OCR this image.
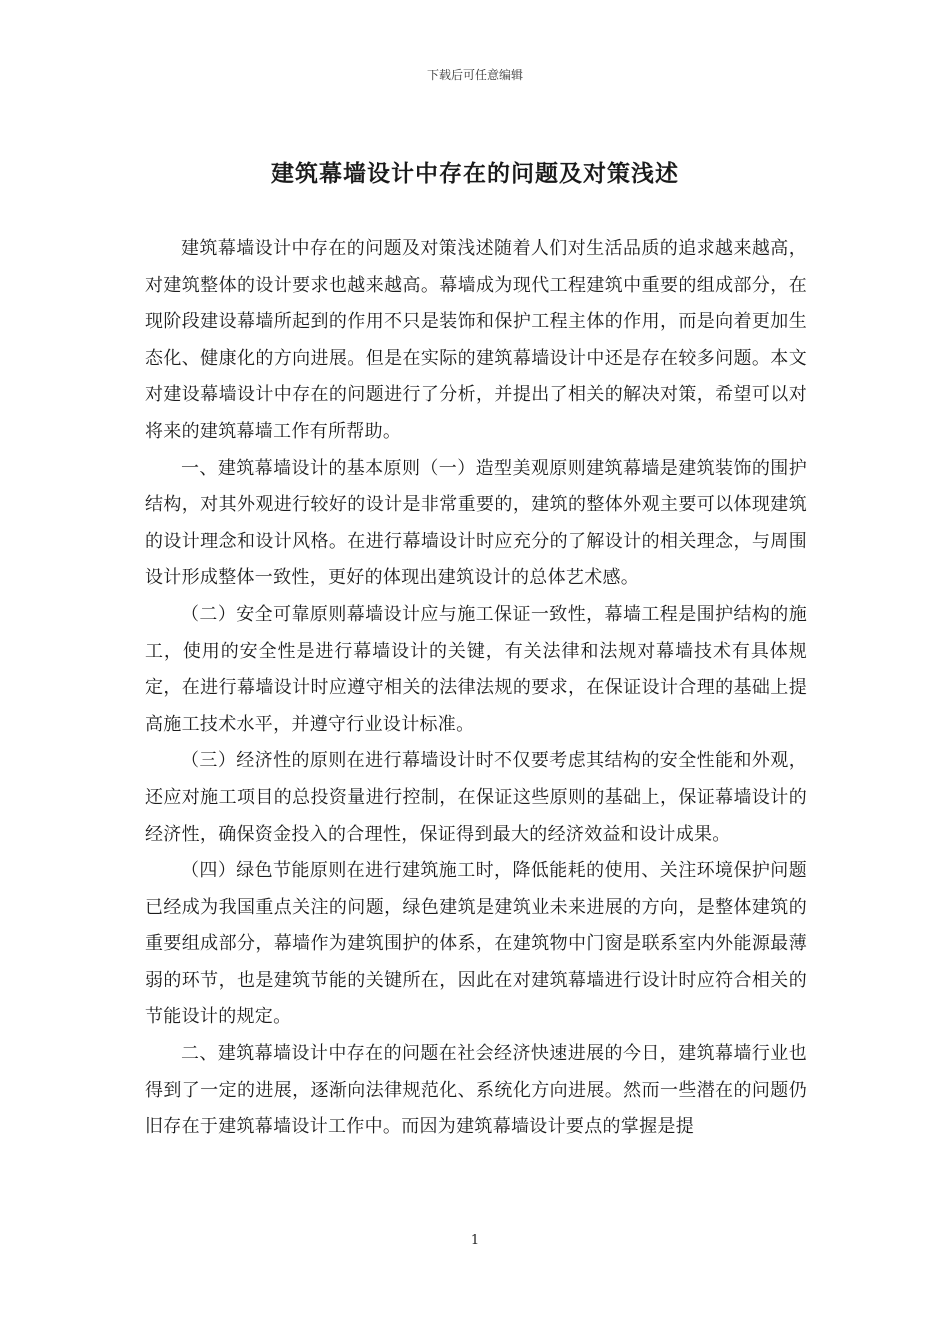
下载后可任意编辑
建筑幕墙设计中存在的问题及对策浅述

建筑幕墙设计中存在的问题及对策浅述随着人们对生活品质的追求越来越高，对建筑整体的设计要求也越来越高。幕墙成为现代工程建筑中重要的组成部分，在现阶段建设幕墙所起到的作用不只是装饰和保护工程主体的作用，而是向着更加生态化、健康化的方向进展。但是在实际的建筑幕墙设计中还是存在较多问题。本文对建设幕墙设计中存在的问题进行了分析，并提出了相关的解决对策，希望可以对将来的建筑幕墙工作有所帮助。

一、建筑幕墙设计的基本原则（一）造型美观原则建筑幕墙是建筑装饰的围护结构，对其外观进行较好的设计是非常重要的，建筑的整体外观主要可以体现建筑的设计理念和设计风格。在进行幕墙设计时应充分的了解设计的相关理念，与周围设计形成整体一致性，更好的体现出建筑设计的总体艺术感。

（二）安全可靠原则幕墙设计应与施工保证一致性，幕墙工程是围护结构的施工，使用的安全性是进行幕墙设计的关键，有关法律和法规对幕墙技术有具体规定，在进行幕墙设计时应遵守相关的法律法规的要求，在保证设计合理的基础上提高施工技术水平，并遵守行业设计标准。

（三）经济性的原则在进行幕墙设计时不仅要考虑其结构的安全性能和外观，还应对施工项目的总投资量进行控制，在保证这些原则的基础上，保证幕墙设计的经济性，确保资金投入的合理性，保证得到最大的经济效益和设计成果。

（四）绿色节能原则在进行建筑施工时，降低能耗的使用、关注环境保护问题已经成为我国重点关注的问题，绿色建筑是建筑业未来进展的方向，是整体建筑的重要组成部分，幕墙作为建筑围护的体系，在建筑物中门窗是联系室内外能源最薄弱的环节，也是建筑节能的关键所在，因此在对建筑幕墙进行设计时应符合相关的节能设计的规定。

二、建筑幕墙设计中存在的问题在社会经济快速进展的今日，建筑幕墙行业也得到了一定的进展，逐渐向法律规范化、系统化方向进展。然而一些潜在的问题仍旧存在于建筑幕墙设计工作中。而因为建筑幕墙设计要点的掌握是提

1
